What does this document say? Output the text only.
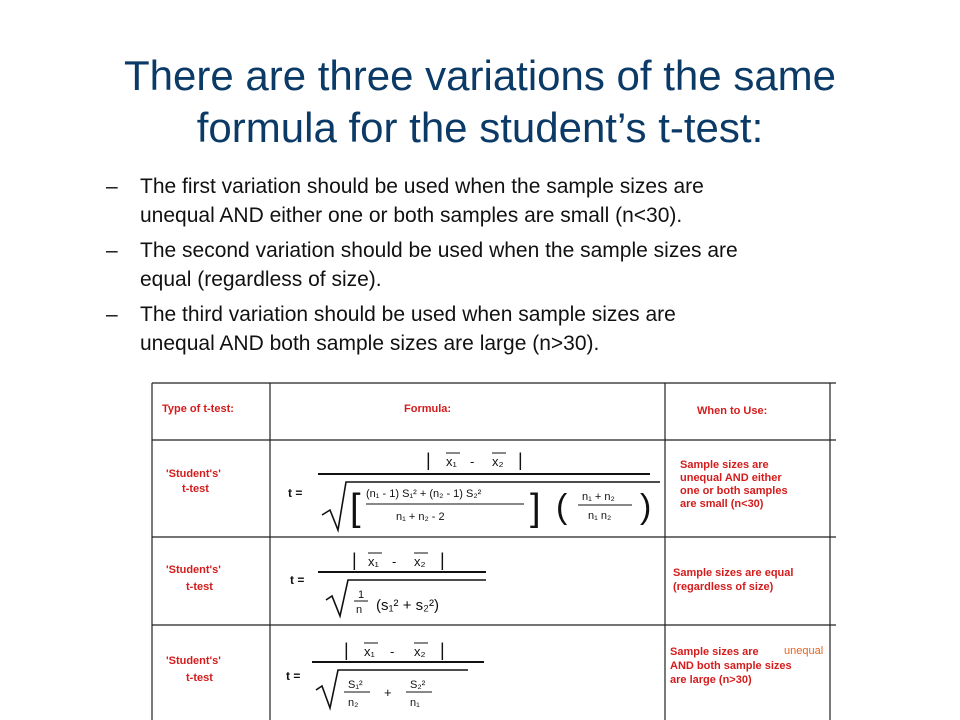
There are three variations of the same
formula for the student’s t-test:
– The first variation should be used when the sample sizes are
unequal AND either one or both samples are small (n<30).
– The second variation should be used when the sample sizes are
equal (regardless of size).
– The third variation should be used when sample sizes are
unequal AND both sample sizes are large (n>30).
Type of t-test:	Formula:	When to Use:
'Student's'
t-test
Sample sizes are
unequal AND either
one or both samples
are small (n<30)
| x₁ - x₂ |
t = [ (n₁ - 1) S₁² + (n₂ - 1) S₂²
n₁ + n₂ - 2 ] ( n₁ + n₂
n₁ n₂ )
'Student's'
t-test
Sample sizes are equal
(regardless of size)
| x₁ - x₂ |
t =
1
n (s₁² + s₂²)
'Student's'
t-test
Sample sizes are unequal
AND both sample sizes
are large (n>30)
| x₁ - x₂ |
t =
S₁²
n₂
+ S₂²
n₁
